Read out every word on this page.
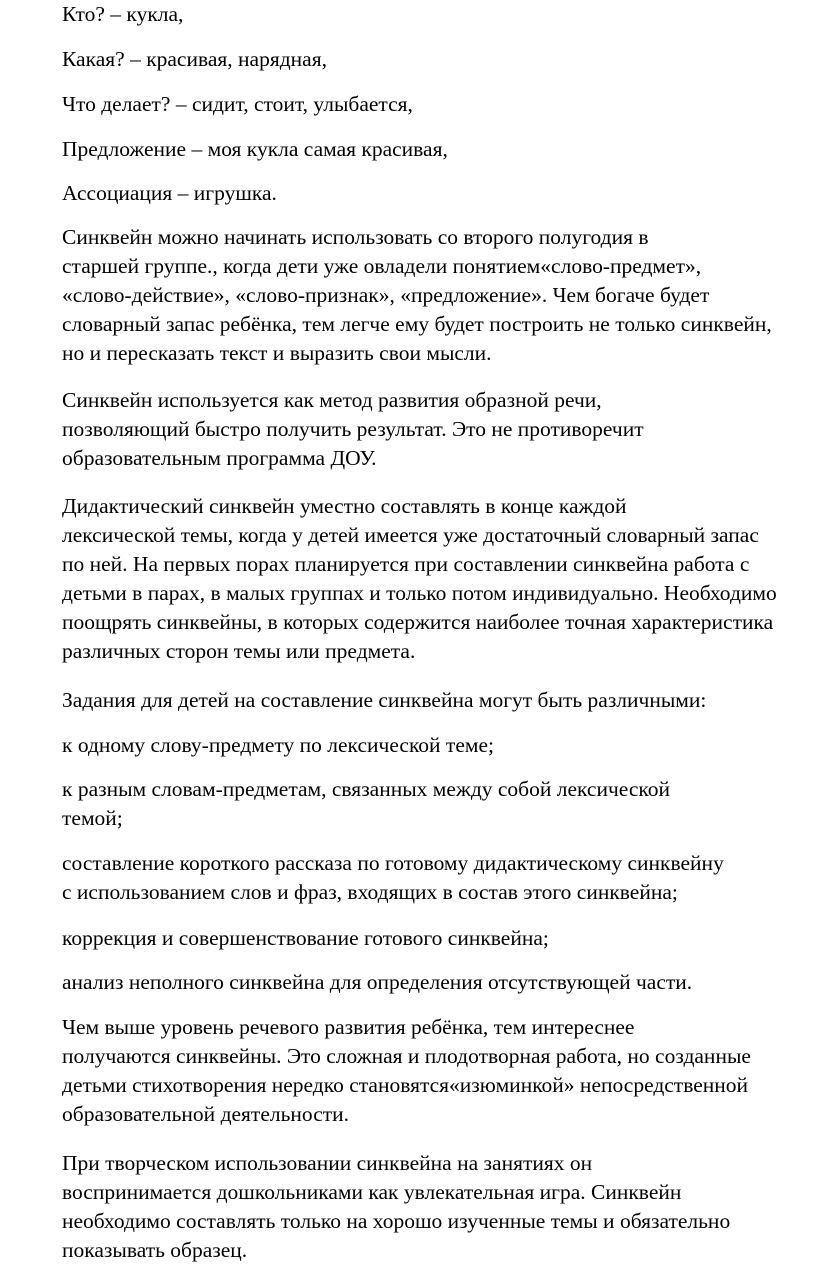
Кто? – кукла,

Какая? – красивая, нарядная,

Что делает? – сидит, стоит, улыбается,

Предложение – моя кукла самая красивая,

Ассоциация – игрушка.

Синквейн можно начинать использовать со второго полугодия в
старшей группе., когда дети уже овладели понятием«слово-предмет»,
«слово-действие», «слово-признак», «предложение». Чем богаче будет
словарный запас ребёнка, тем легче ему будет построить не только синквейн,
но и пересказать текст и выразить свои мысли.

Синквейн используется как метод развития образной речи,
позволяющий быстро получить результат. Это не противоречит
образовательным программа ДОУ.

Дидактический синквейн уместно составлять в конце каждой
лексической темы, когда у детей имеется уже достаточный словарный запас
по ней. На первых порах планируется при составлении синквейна работа с
детьми в парах, в малых группах и только потом индивидуально. Необходимо
поощрять синквейны, в которых содержится наиболее точная характеристика
различных сторон темы или предмета.

Задания для детей на составление синквейна могут быть различными:

к одному слову-предмету по лексической теме;

к разным словам-предметам, связанных между собой лексической
темой;

составление короткого рассказа по готовому дидактическому синквейну
с использованием слов и фраз, входящих в состав этого синквейна;

коррекция и совершенствование готового синквейна;

анализ неполного синквейна для определения отсутствующей части.

Чем выше уровень речевого развития ребёнка, тем интереснее
получаются синквейны. Это сложная и плодотворная работа, но созданные
детьми стихотворения нередко становятся«изюминкой» непосредственной
образовательной деятельности.

При творческом использовании синквейна на занятиях он
воспринимается дошкольниками как увлекательная игра. Синквейн
необходимо составлять только на хорошо изученные темы и обязательно
показывать образец.
